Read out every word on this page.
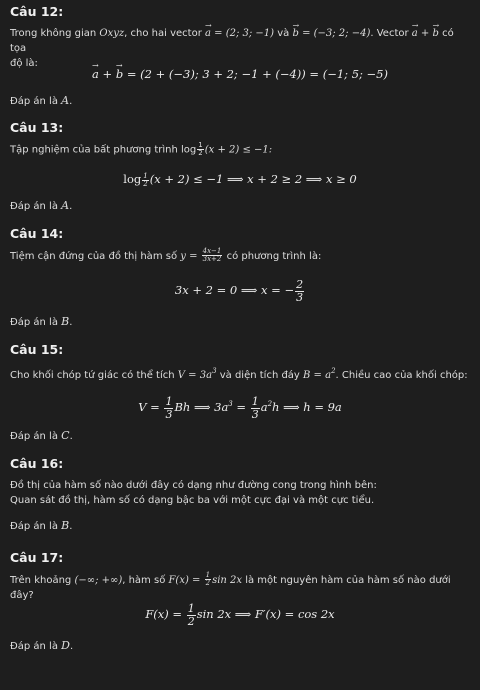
Câu 12:
Trong không gian Oxyz, cho hai vector → a = (2; 3; −1) và → b = (−3; 2; −4). Vector → a + → b có tọa
độ là:
→ a + → b = (2 + (−3); 3 + 2; −1 + (−4)) = (−1; 5; −5)
Đáp án là A.
Câu 13:
Tập nghiệm của bất phương trình $\log \frac{1}{2} (x + 2) \le -1$:
$\log \frac{1}{2} (x + 2) \le -1$ ⟹ x + 2 ≥ 2 ⟹ x ≥ 0
Đáp án là A.
Câu 14:
Tiệm cận đứng của đồ thị hàm số $y = \frac{4x-1}{3x+2}$ có phương trình là:
3x + 2 = 0 ⟹ x = − $\frac{2}{3}$
Đáp án là B.
Câu 15:
Cho khối chóp tứ giác có thể tích $V = 3a^3$ và diện tích đáy $B = a^2$. Chiều cao của khối chóp:
$V = \frac{1}{3}$ Bh ⟹ $3a^3 = \frac{1}{3} a^2h$ ⟹ h = 9a
Đáp án là C.
Câu 16:
Đồ thị của hàm số nào dưới đây có dạng như đường cong trong hình bên:
Quan sát đồ thị, hàm số có dạng bậc ba với một cực đại và một cực tiểu.
Đáp án là B.
Câu 17:
Trên khoảng (−∞; +∞), hàm số $F(x) = \frac{1}{2}$ sin 2x là một nguyên hàm của hàm số nào dưới đây?
$F(x) = \frac{1}{2}$ sin 2x ⟹ F′(x) = cos 2x
Đáp án là D.
